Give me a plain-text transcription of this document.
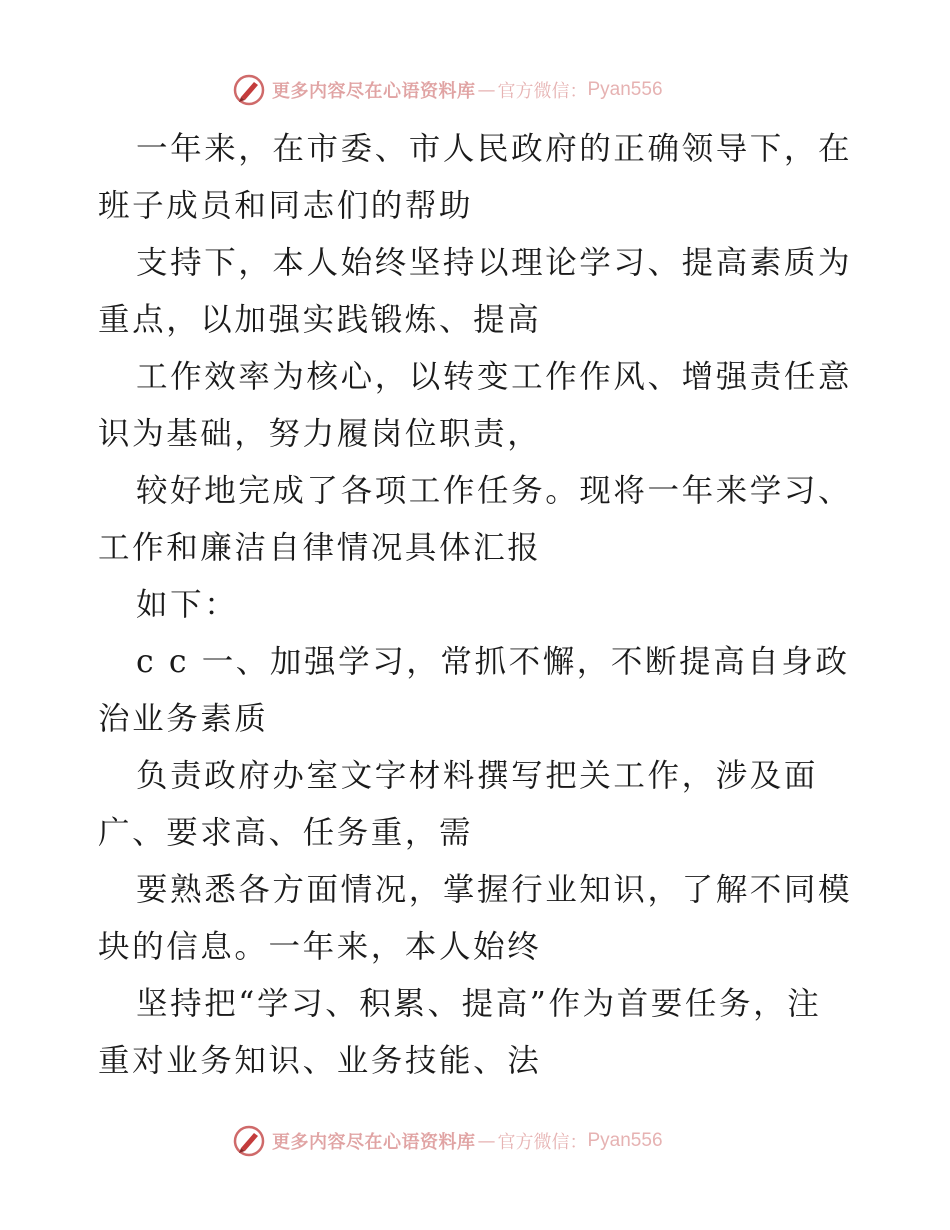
更多内容尽在心语资料库 — 官方微信： Pyan556
一年来，在市委、市人民政府的正确领导下，在
班子成员和同志们的帮助
支持下，本人始终坚持以理论学习、提高素质为
重点，以加强实践锻炼、提高
工作效率为核心，以转变工作作风、增强责任意
识为基础，努力履岗位职责，
较好地完成了各项工作任务。现将一年来学习、
工作和廉洁自律情况具体汇报
如下：
c c 一、加强学习，常抓不懈，不断提高自身政
治业务素质
负责政府办室文字材料撰写把关工作，涉及面
广、要求高、任务重，需
要熟悉各方面情况，掌握行业知识，了解不同模
块的信息。一年来，本人始终
坚持把“学习、积累、提高”作为首要任务，注
重对业务知识、业务技能、法
更多内容尽在心语资料库 — 官方微信： Pyan556
